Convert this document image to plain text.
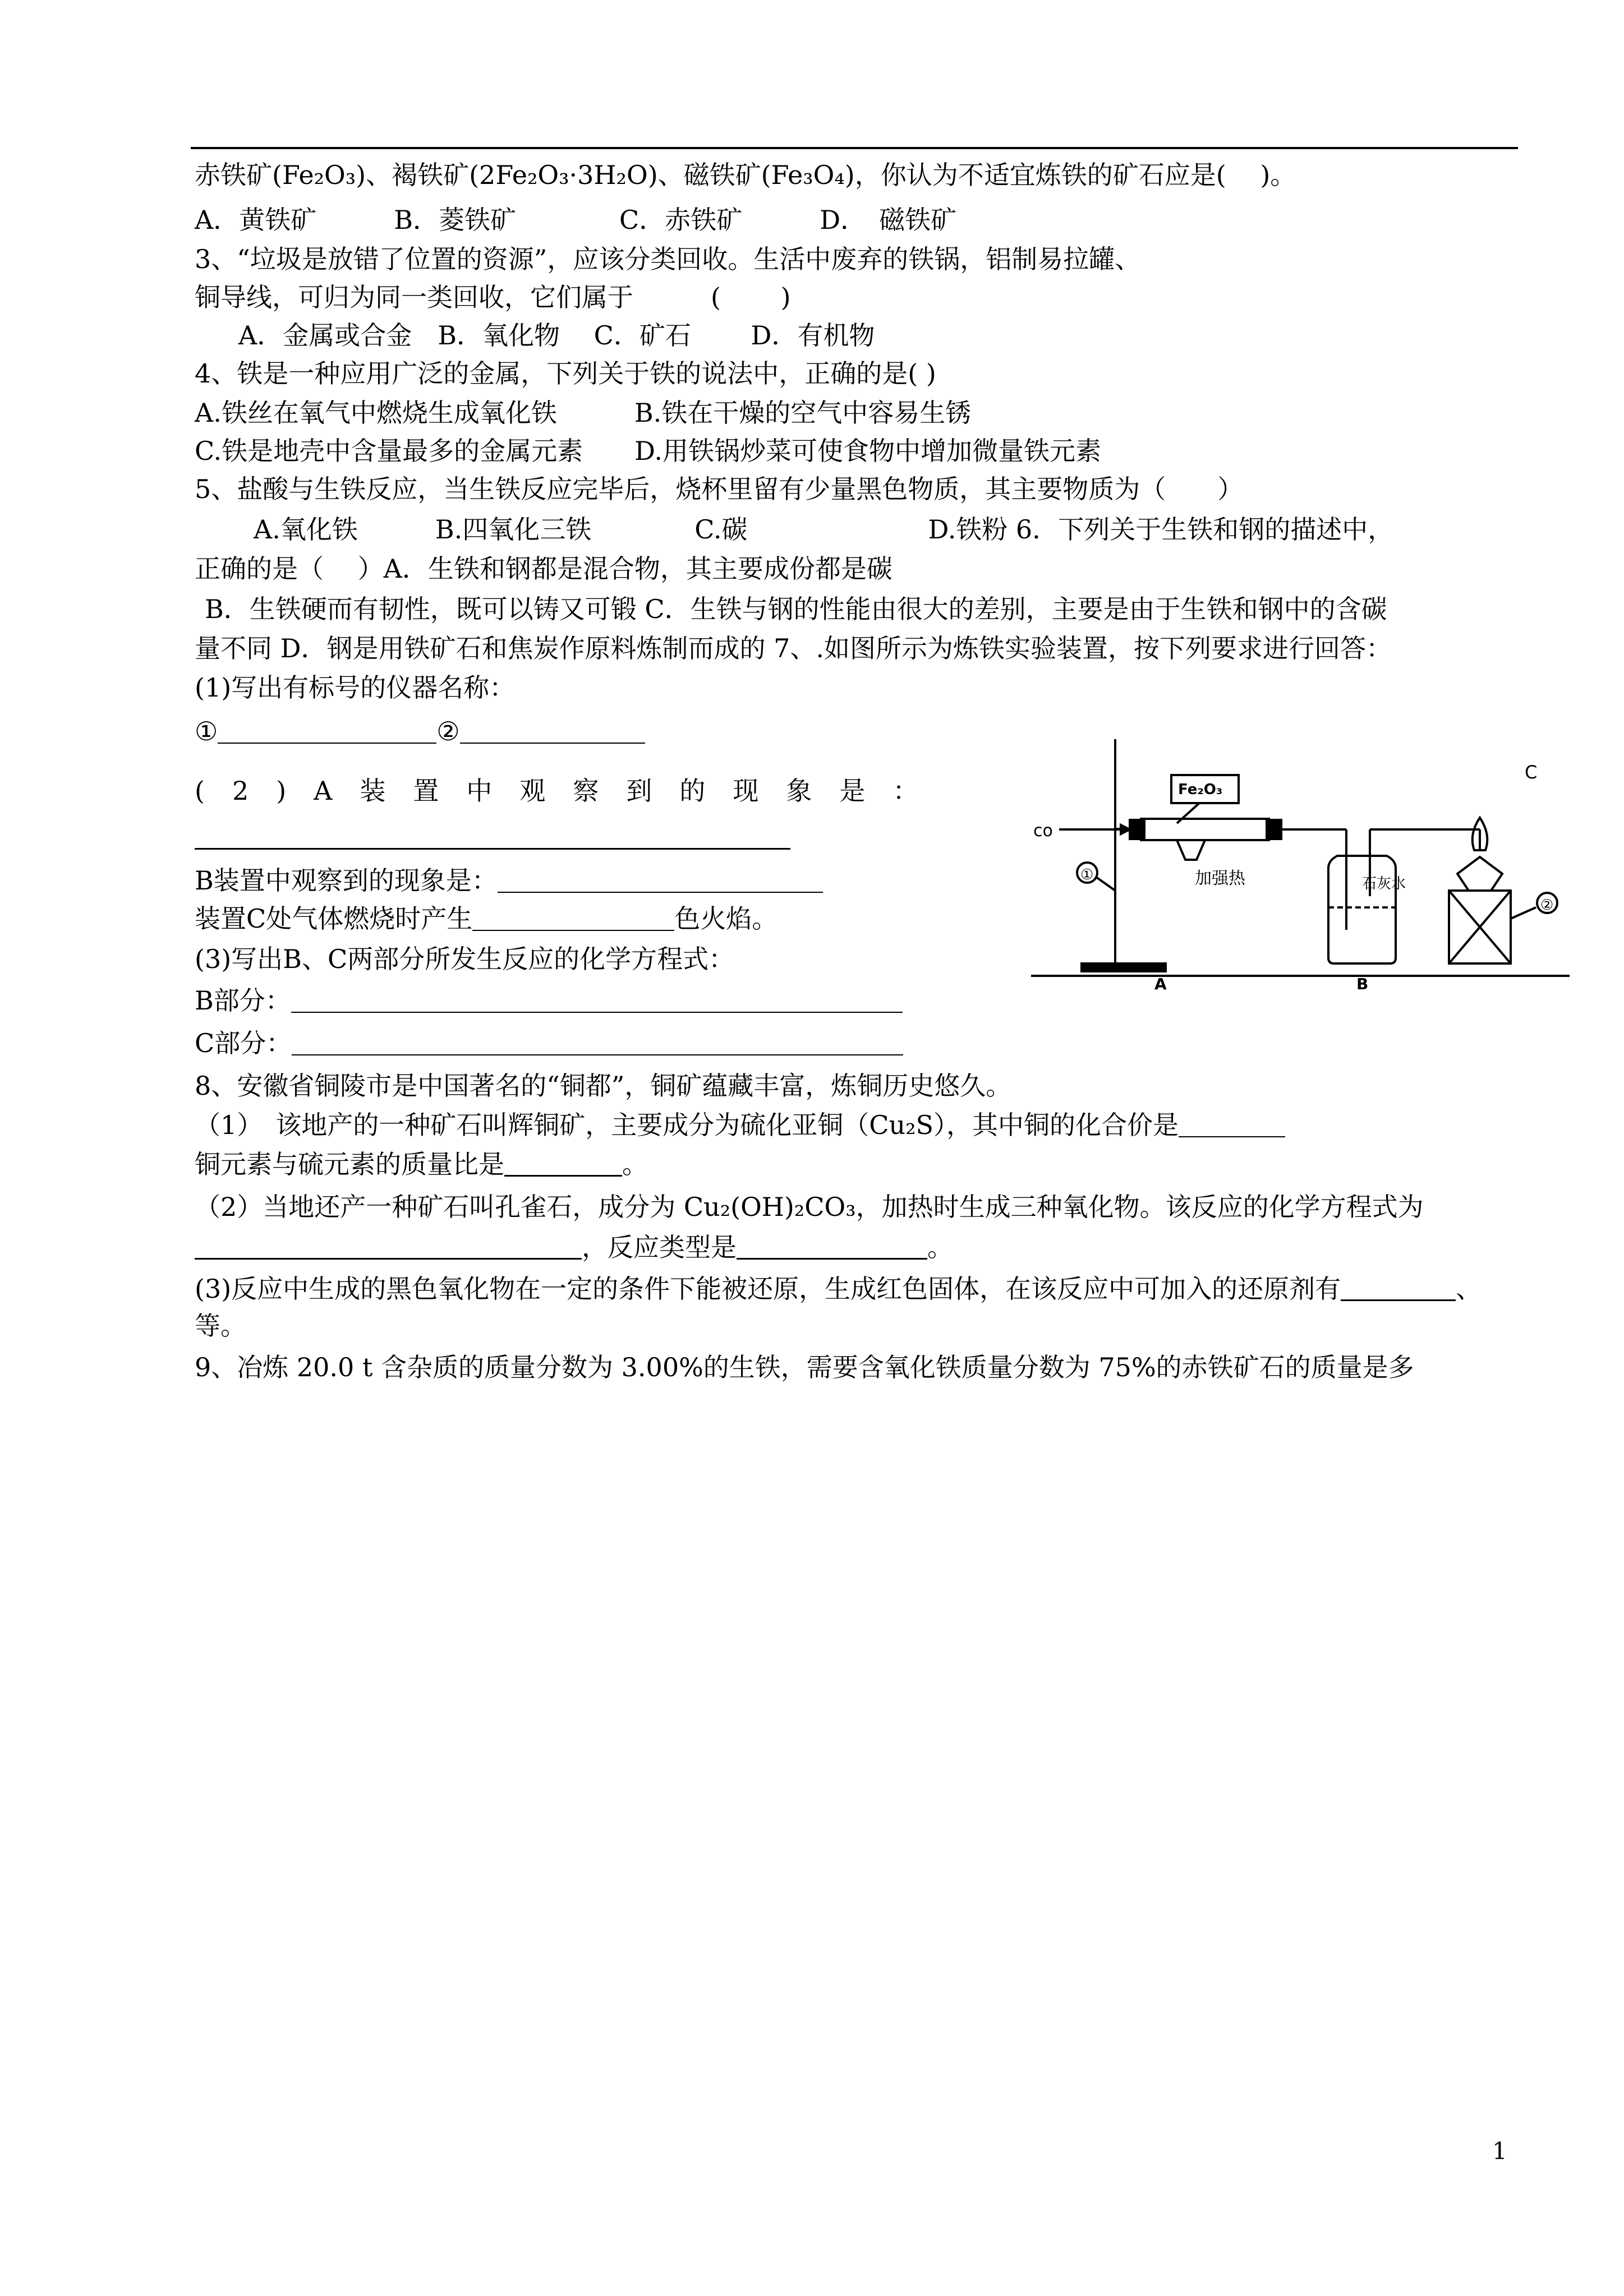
赤铁矿(Fe₂O₃)、褐铁矿(2Fe₂O₃·3H₂O)、磁铁矿(Fe₃O₄)，你认为不适宜炼铁的矿石应是(　 )。
A．黄铁矿　　　B．菱铁矿　　　　C．赤铁矿　　　D．　磁铁矿
3、“垃圾是放错了位置的资源”，应该分类回收。生活中废弃的铁锅，铝制易拉罐、
铜导线，可归为同一类回收，它们属于　　　(　　 )
A．金属或合金　B．氧化物　 C．矿石　　 D．有机物
4、铁是一种应用广泛的金属，下列关于铁的说法中，正确的是( )
A.铁丝在氧气中燃烧生成氧化铁　　　B.铁在干燥的空气中容易生锈
C.铁是地壳中含量最多的金属元素　　D.用铁锅炒菜可使食物中增加微量铁元素
5、盐酸与生铁反应，当生铁反应完毕后，烧杯里留有少量黑色物质，其主要物质为（　　）
A.氧化铁　　　B.四氧化三铁　　　　C.碳　　　　　　　D.铁粉 6．下列关于生铁和钢的描述中，
正确的是（　 ）A．生铁和钢都是混合物，其主要成份都是碳
B．生铁硬而有韧性，既可以铸又可锻 C．生铁与钢的性能由很大的差别，主要是由于生铁和钢中的含碳
量不同 D．钢是用铁矿石和焦炭作原料炼制而成的 7、.如图所示为炼铁实验装置，按下列要求进行回答：
(1)写出有标号的仪器名称：
①	②
(2)A装置中观察到的现象是：
B装置中观察到的现象是：
装置C处气体燃烧时产生	色火焰。
(3)写出B、C两部分所发生反应的化学方程式：
B部分：
C部分：
8、安徽省铜陵市是中国著名的“铜都”，铜矿蕴藏丰富，炼铜历史悠久。
（1）　该地产的一种矿石叫辉铜矿，主要成分为硫化亚铜（Cu₂S），其中铜的化合价是
铜元素与硫元素的质量比是	。
（2）当地还产一种矿石叫孔雀石，成分为 Cu₂(OH)₂CO₃，加热时生成三种氧化物。该反应的化学方程式为
，反应类型是	。
(3)反应中生成的黑色氧化物在一定的条件下能被还原，生成红色固体，在该反应中可加入的还原剂有	、
等。
9、冶炼 20.0 t 含杂质的质量分数为 3.00%的生铁，需要含氧化铁质量分数为 75%的赤铁矿石的质量是多
co
Fe₂O₃
加强热	石灰水
C
①
②
A	B
1
